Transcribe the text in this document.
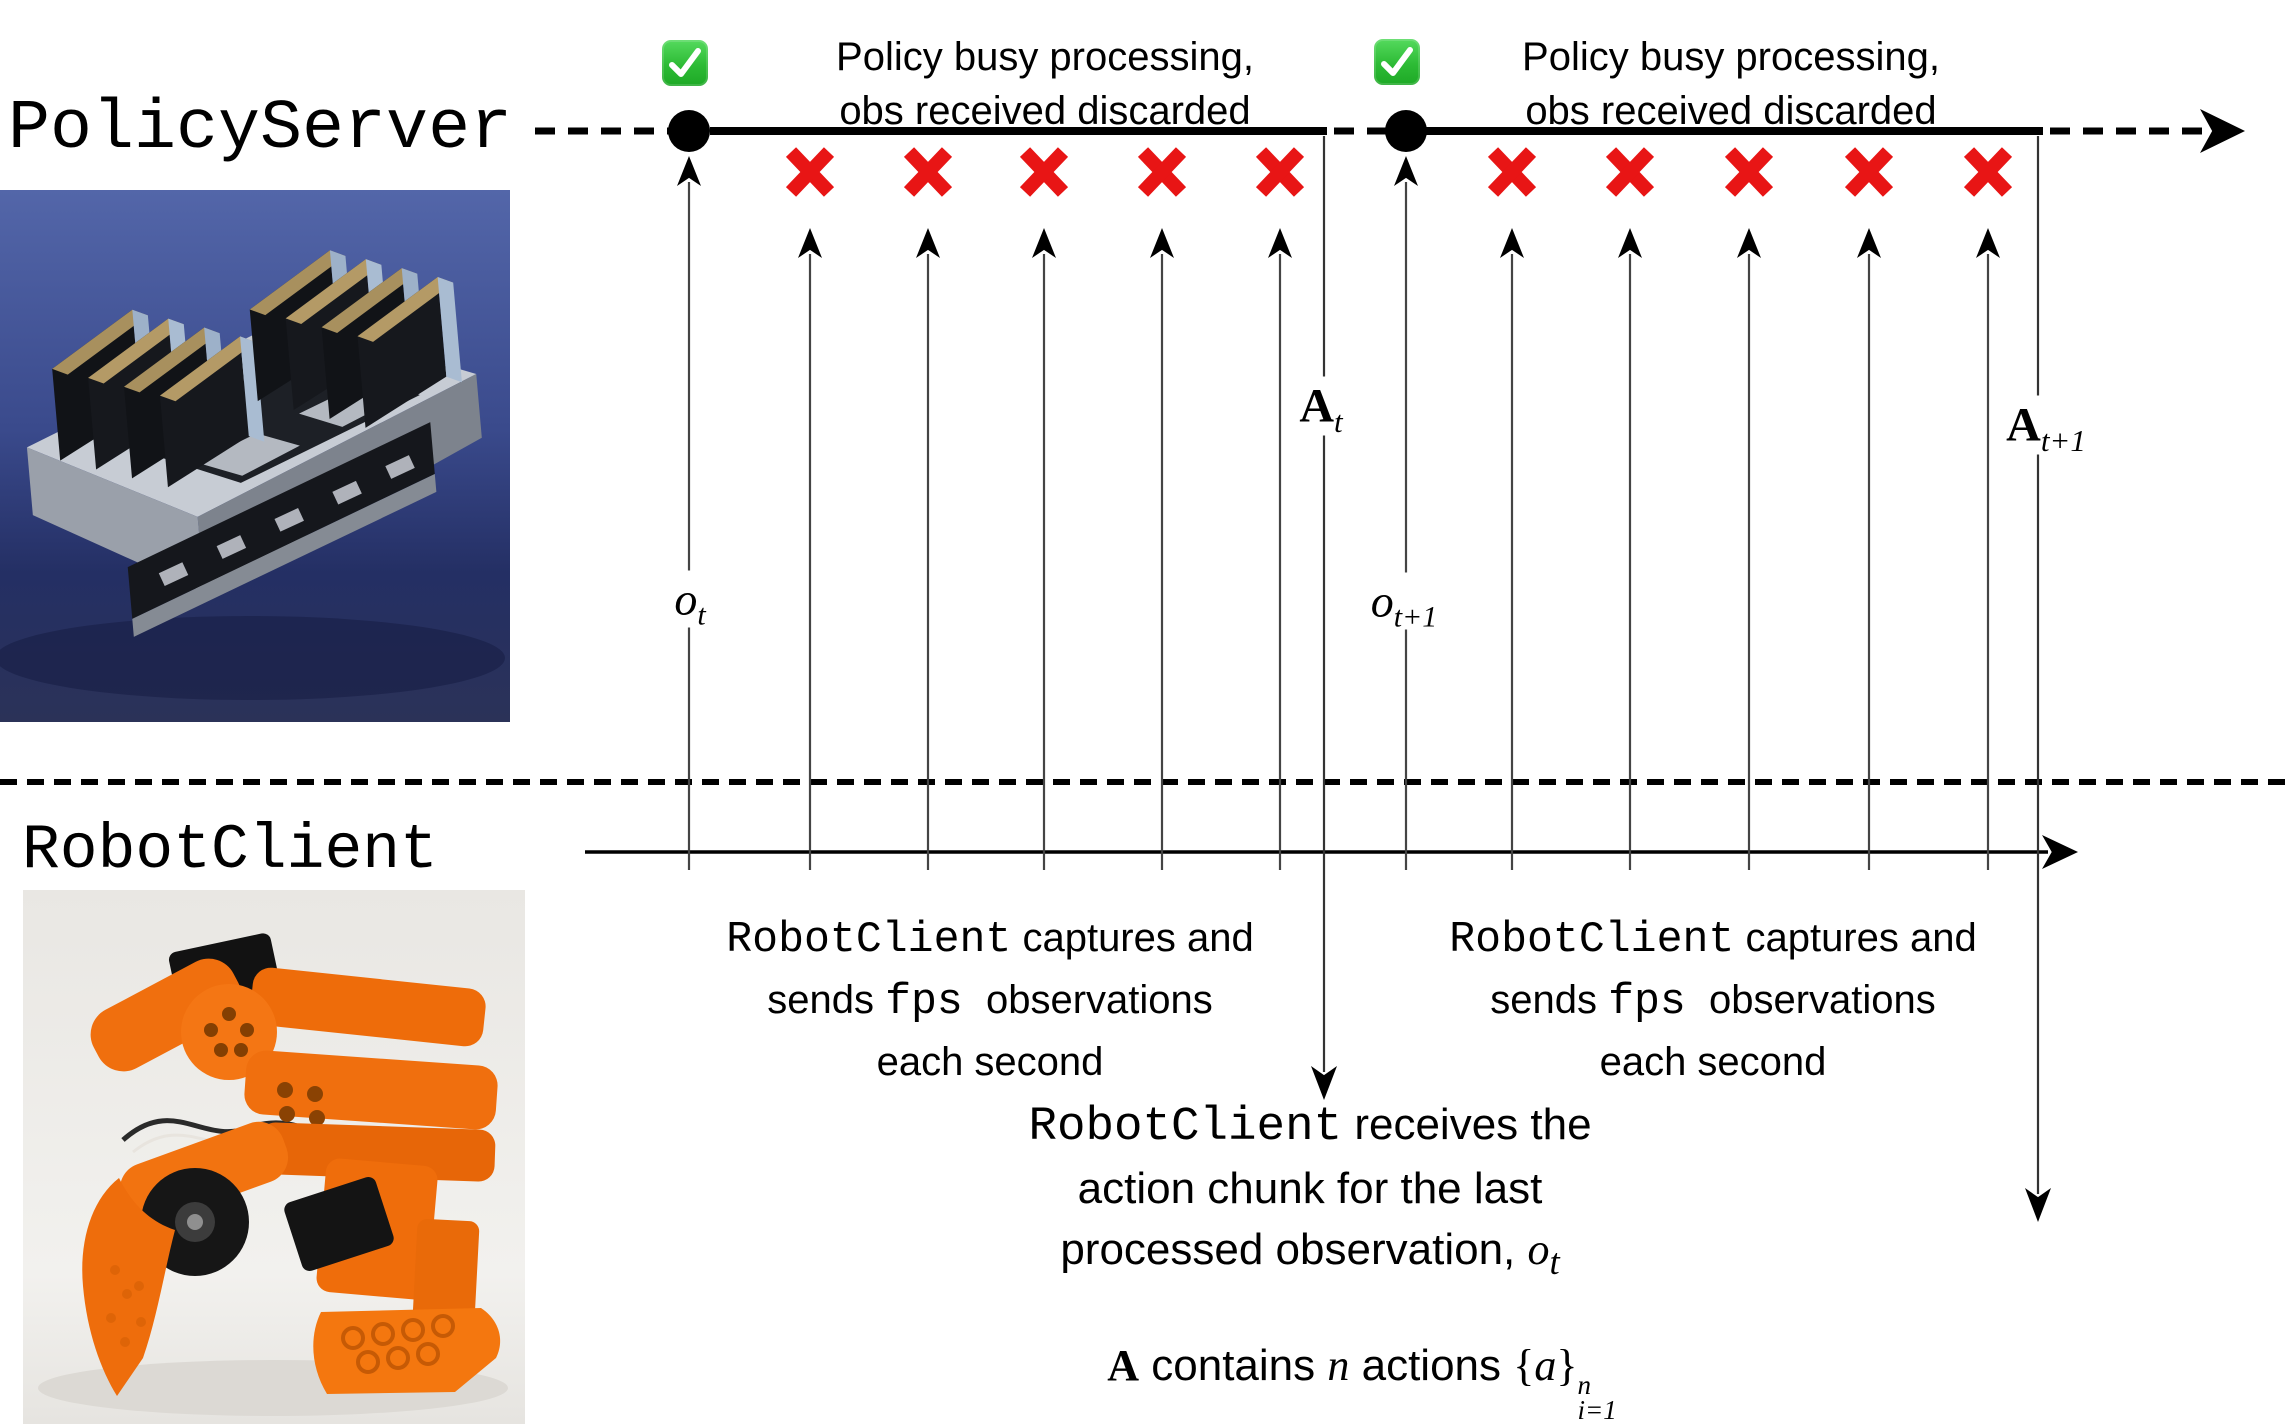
PolicyServer
RobotClient
Policy busy processing,
obs received discarded
Policy busy processing,
obs received discarded
RobotClient captures and
sends fps observations
each second
RobotClient captures and
sends fps observations
each second
RobotClient receives the
action chunk for the last
processed observation, $o_t$
$o_t$	$o_{t+1}$
$A_t$	$A_{t+1}$
A contains n actions {a} n
i=1
